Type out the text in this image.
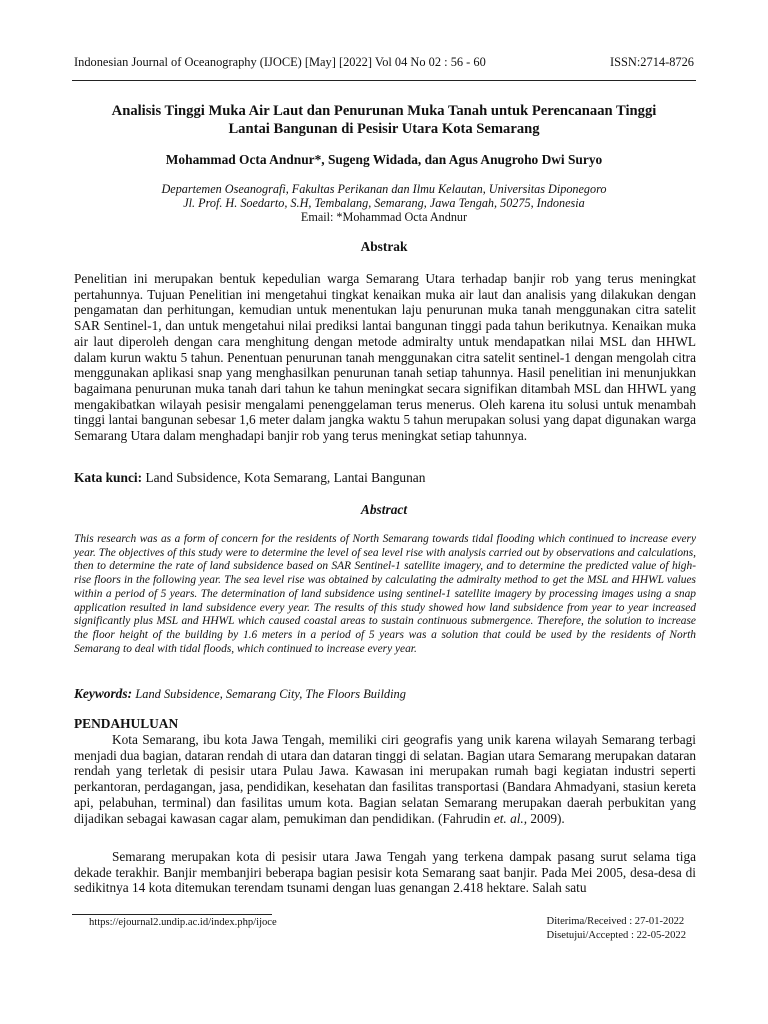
Indonesian Journal of Oceanography (IJOCE) [May] [2022] Vol 04 No 02 : 56 - 60	ISSN:2714-8726
Analisis Tinggi Muka Air Laut dan Penurunan Muka Tanah untuk Perencanaan Tinggi
Lantai Bangunan di Pesisir Utara Kota Semarang
Mohammad Octa Andnur*, Sugeng Widada, dan Agus Anugroho Dwi Suryo
Departemen Oseanografi, Fakultas Perikanan dan Ilmu Kelautan, Universitas Diponegoro
Jl. Prof. H. Soedarto, S.H, Tembalang, Semarang, Jawa Tengah, 50275, Indonesia
Email: *Mohammad Octa Andnur
Abstrak

Penelitian ini merupakan bentuk kepedulian warga Semarang Utara terhadap banjir rob yang terus meningkat pertahunnya. Tujuan Penelitian ini mengetahui tingkat kenaikan muka air laut dan analisis yang dilakukan dengan pengamatan dan perhitungan, kemudian untuk menentukan laju penurunan muka tanah menggunakan citra satelit SAR Sentinel-1, dan untuk mengetahui nilai prediksi lantai bangunan tinggi pada tahun berikutnya. Kenaikan muka air laut diperoleh dengan cara menghitung dengan metode admiralty untuk mendapatkan nilai MSL dan HHWL dalam kurun waktu 5 tahun. Penentuan penurunan tanah menggunakan citra satelit sentinel-1 dengan mengolah citra menggunakan aplikasi snap yang menghasilkan penurunan tanah setiap tahunnya. Hasil penelitian ini menunjukkan bagaimana penurunan muka tanah dari tahun ke tahun meningkat secara signifikan ditambah MSL dan HHWL yang mengakibatkan wilayah pesisir mengalami penenggelaman terus menerus. Oleh karena itu solusi untuk menambah tinggi lantai bangunan sebesar 1,6 meter dalam jangka waktu 5 tahun merupakan solusi yang dapat digunakan warga Semarang Utara dalam menghadapi banjir rob yang terus meningkat setiap tahunnya.

Kata kunci: Land Subsidence, Kota Semarang, Lantai Bangunan
Abstract

This research was as a form of concern for the residents of North Semarang towards tidal flooding which continued to increase every year. The objectives of this study were to determine the level of sea level rise with analysis carried out by observations and calculations, then to determine the rate of land subsidence based on SAR Sentinel-1 satellite imagery, and to determine the predicted value of high-rise floors in the following year. The sea level rise was obtained by calculating the admiralty method to get the MSL and HHWL values within a period of 5 years. The determination of land subsidence using sentinel-1 satellite imagery by processing images using a snap application resulted in land subsidence every year. The results of this study showed how land subsidence from year to year increased significantly plus MSL and HHWL which caused coastal areas to sustain continuous submergence. Therefore, the solution to increase the floor height of the building by 1.6 meters in a period of 5 years was a solution that could be used by the residents of North Semarang to deal with tidal floods, which continued to increase every year.

Keywords: Land Subsidence, Semarang City, The Floors Building
PENDAHULUAN

Kota Semarang, ibu kota Jawa Tengah, memiliki ciri geografis yang unik karena wilayah Semarang terbagi menjadi dua bagian, dataran rendah di utara dan dataran tinggi di selatan. Bagian utara Semarang merupakan dataran rendah yang terletak di pesisir utara Pulau Jawa. Kawasan ini merupakan rumah bagi kegiatan industri seperti perkantoran, perdagangan, jasa, pendidikan, kesehatan dan fasilitas transportasi (Bandara Ahmadyani, stasiun kereta api, pelabuhan, terminal) dan fasilitas umum kota. Bagian selatan Semarang merupakan daerah perbukitan yang dijadikan sebagai kawasan cagar alam, pemukiman dan pendidikan. (Fahrudin et. al., 2009).

Semarang merupakan kota di pesisir utara Jawa Tengah yang terkena dampak pasang surut selama tiga dekade terakhir. Banjir membanjiri beberapa bagian pesisir kota Semarang saat banjir. Pada Mei 2005, desa-desa di sedikitnya 14 kota ditemukan terendam tsunami dengan luas genangan 2.418 hektare. Salah satu

https://ejournal2.undip.ac.id/index.php/ijoce	Diterima/Received : 27-01-2022
Disetujui/Accepted : 22-05-2022
